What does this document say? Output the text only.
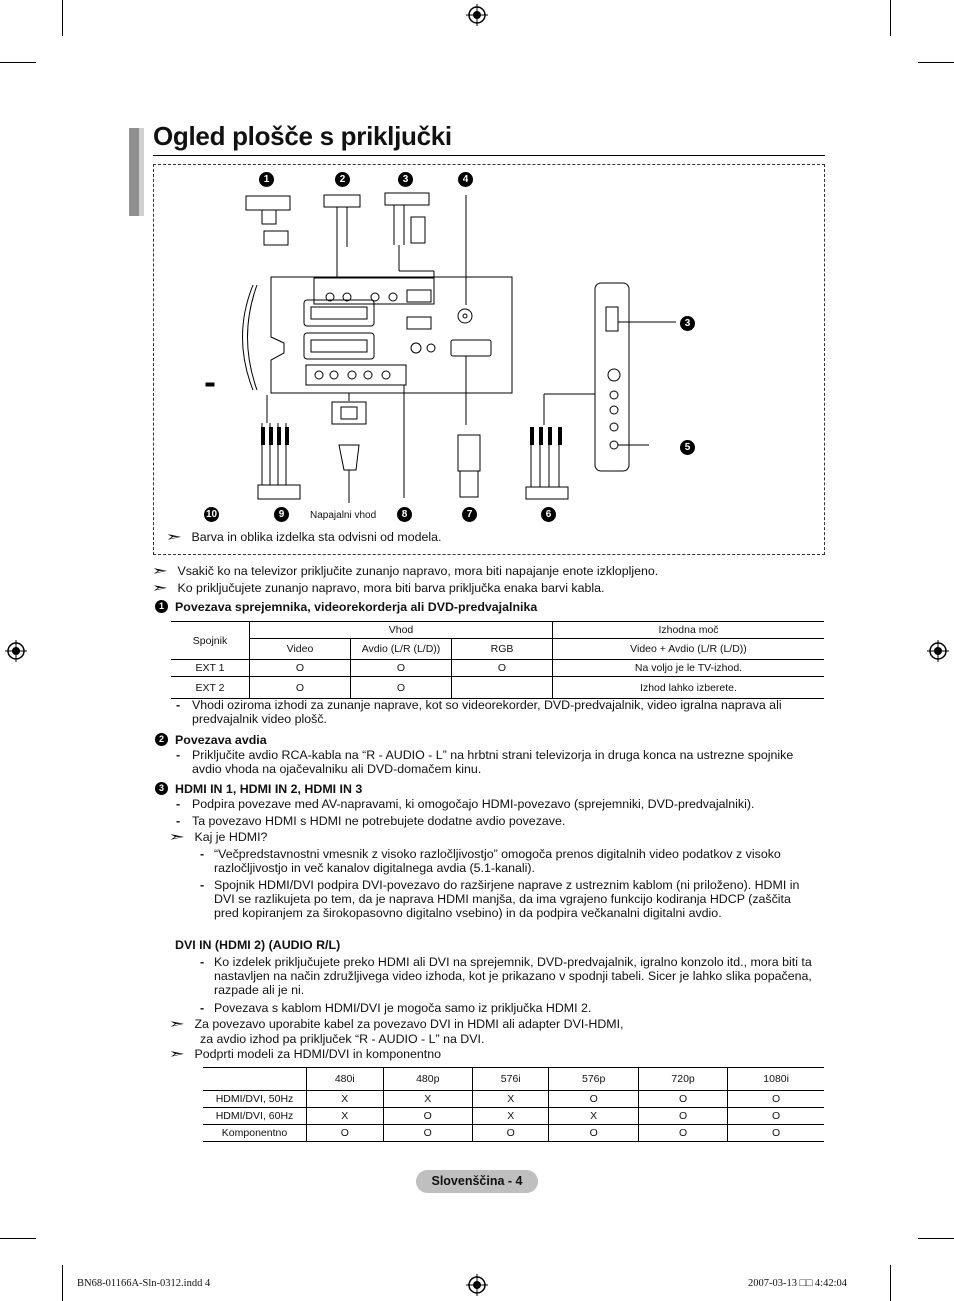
Ogled plošče s priključki
1	2	3	4
3
5
10	9	8	7	6
Napajalni vhod
➣ Barva in oblika izdelka sta odvisni od modela.
➣ Vsakič ko na televizor priključite zunanjo napravo, mora biti napajanje enote izklopljeno.
➣ Ko priključujete zunanjo napravo, mora biti barva priključka enaka barvi kabla.
1 Povezava sprejemnika, videorekorderja ali DVD-predvajalnika
Spojnik	Vhod			Izhodna moč
	Video	Avdio (L/R (L/D))	RGB	Video + Avdio (L/R (L/D))
EXT 1	O	O	O	Na voljo je le TV-izhod.
EXT 2	O	O		Izhod lahko izberete.
- Vhodi oziroma izhodi za zunanje naprave, kot so videorekorder, DVD-predvajalnik, video igralna naprava ali predvajalnik video plošč.
2 Povezava avdia
- Priključite avdio RCA-kabla na “R - AUDIO - L” na hrbtni strani televizorja in druga konca na ustrezne spojnike avdio vhoda na ojačevalniku ali DVD-domačem kinu.
3 HDMI IN 1, HDMI IN 2, HDMI IN 3
- Podpira povezave med AV-napravami, ki omogočajo HDMI-povezavo (sprejemniki, DVD-predvajalniki).
- Ta povezavo HDMI s HDMI ne potrebujete dodatne avdio povezave.
➣ Kaj je HDMI?
- “Večpredstavnostni vmesnik z visoko razločljivostjo” omogoča prenos digitalnih video podatkov z visoko razločljivostjo in več kanalov digitalnega avdia (5.1-kanali).
- Spojnik HDMI/DVI podpira DVI-povezavo do razširjene naprave z ustreznim kablom (ni priloženo). HDMI in DVI se razlikujeta po tem, da je naprava HDMI manjša, da ima vgrajeno funkcijo kodiranja HDCP (zaščita pred kopiranjem za širokopasovno digitalno vsebino) in da podpira večkanalni digitalni avdio.
DVI IN (HDMI 2) (AUDIO R/L)
- Ko izdelek priključujete preko HDMI ali DVI na sprejemnik, DVD-predvajalnik, igralno konzolo itd., mora biti ta nastavljen na način združljivega video izhoda, kot je prikazano v spodnji tabeli. Sicer je lahko slika popačena, razpade ali je ni.
- Povezava s kablom HDMI/DVI je mogoča samo iz priključka HDMI 2.
➣ Za povezavo uporabite kabel za povezavo DVI in HDMI ali adapter DVI-HDMI,
za avdio izhod pa priključek “R - AUDIO - L” na DVI.
➣ Podprti modeli za HDMI/DVI in komponentno
	480i	480p	576i	576p	720p	1080i
HDMI/DVI, 50Hz	X	X	X	O	O	O
HDMI/DVI, 60Hz	X	O	X	X	O	O
Komponentno	O	O	O	O	O	O
Slovenščina - 4
BN68-01166A-Sln-0312.indd 4	2007-03-13 □□ 4:42:04
